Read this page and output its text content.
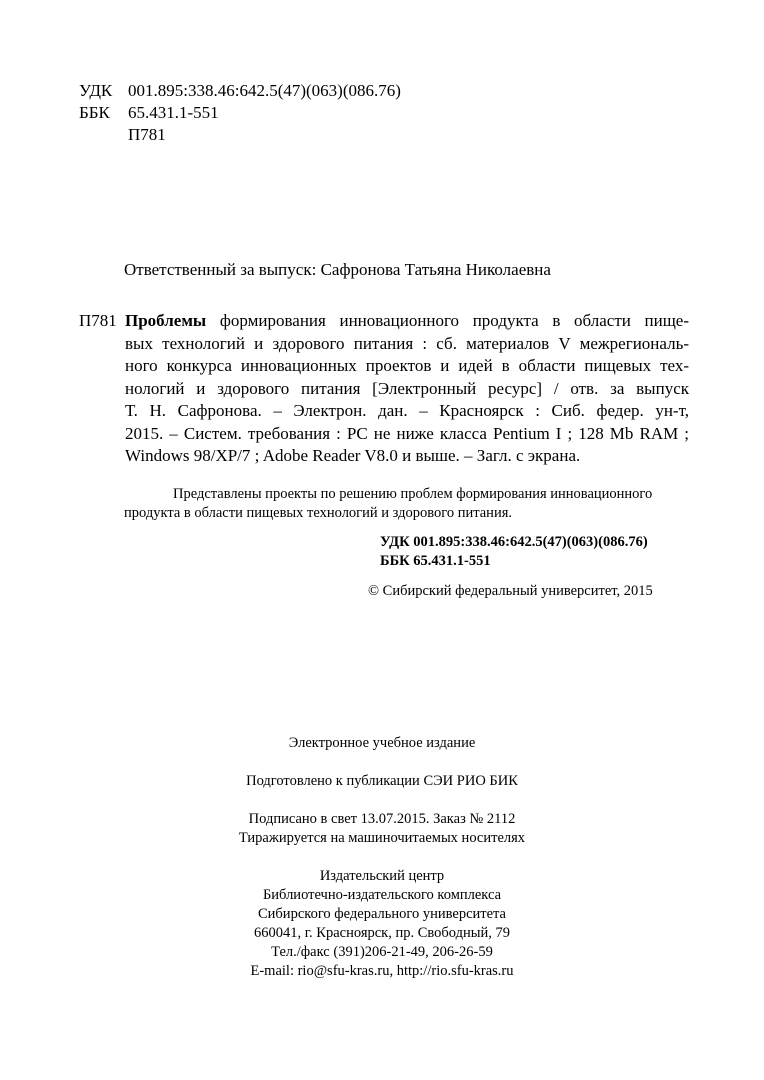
УДК 001.895:338.46:642.5(47)(063)(086.76)
ББК	65.431.1-551
П781
Ответственный за выпуск: Сафронова Татьяна Николаевна
П781 Проблемы формирования инновационного продукта в области пище-
вых технологий и здорового питания : сб. материалов V межрегиональ-
ного конкурса инновационных проектов и идей в области пищевых тех-
нологий и здорового питания [Электронный ресурс] / отв. за выпуск
Т. Н. Сафронова. – Электрон. дан. – Красноярск : Сиб. федер. ун-т,
2015. – Систем. требования : PC не ниже класса Pentium I ; 128 Mb RAM ;
Windows 98/XP/7 ; Adobe Reader V8.0 и выше. – Загл. с экрана.
Представлены проекты по решению проблем формирования инновационного
продукта в области пищевых технологий и здорового питания.
УДК 001.895:338.46:642.5(47)(063)(086.76)
ББК 65.431.1-551
© Сибирский федеральный университет, 2015
Электронное учебное издание
Подготовлено к публикации СЭИ РИО БИК
Подписано в свет 13.07.2015. Заказ № 2112
Тиражируется на машиночитаемых носителях
Издательский центр
Библиотечно-издательского комплекса
Сибирского федерального университета
660041, г. Красноярск, пр. Свободный, 79
Тел./факс (391)206-21-49, 206-26-59
E-mail: rio@sfu-kras.ru, http://rio.sfu-kras.ru
